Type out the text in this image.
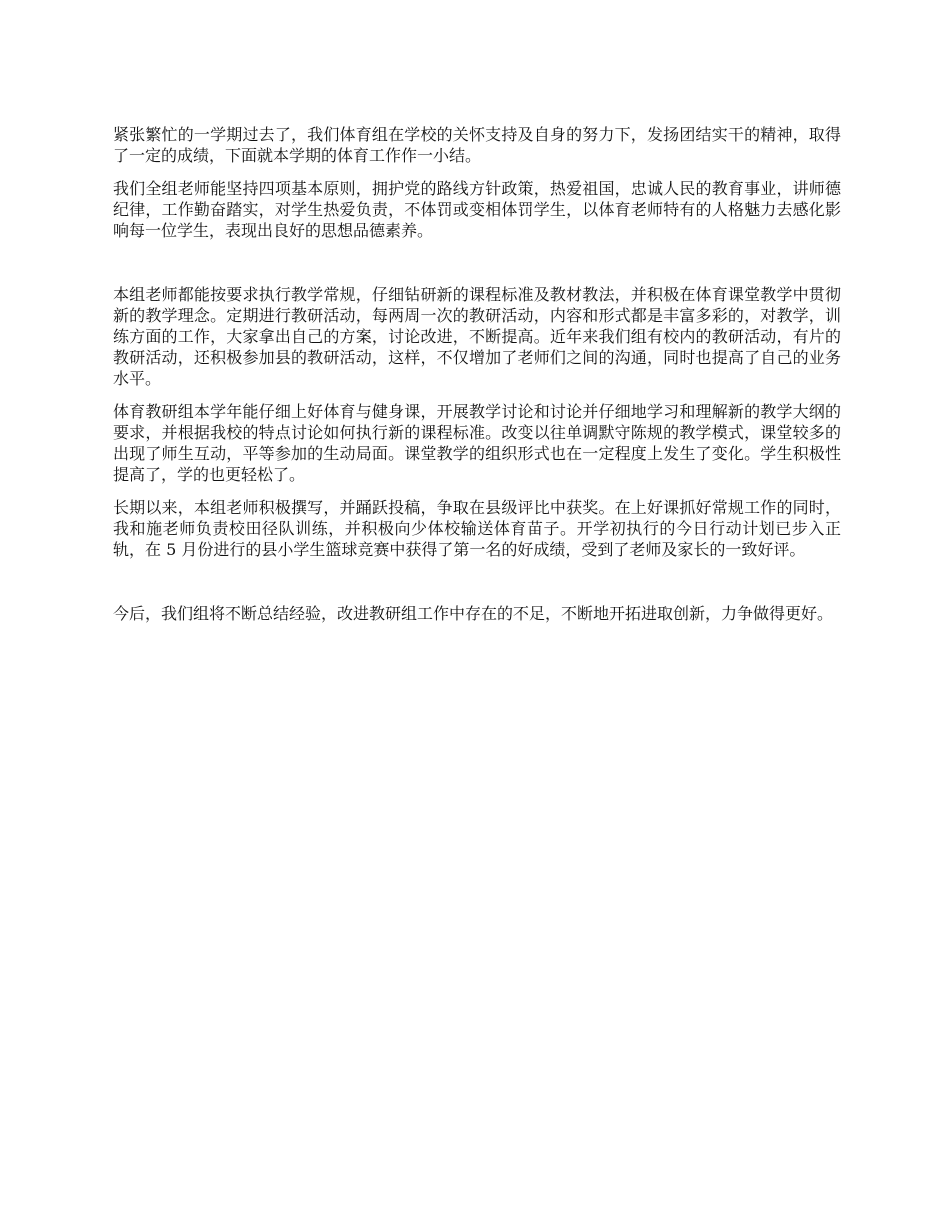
紧张繁忙的一学期过去了，我们体育组在学校的关怀支持及自身的努力下，发扬团结实干的精神，取得了一定的成绩，下面就本学期的体育工作作一小结。

我们全组老师能坚持四项基本原则，拥护党的路线方针政策，热爱祖国，忠诚人民的教育事业，讲师德纪律，工作勤奋踏实，对学生热爱负责，不体罚或变相体罚学生，以体育老师特有的人格魅力去感化影响每一位学生，表现出良好的思想品德素养。

本组老师都能按要求执行教学常规，仔细钻研新的课程标准及教材教法，并积极在体育课堂教学中贯彻新的教学理念。定期进行教研活动，每两周一次的教研活动，内容和形式都是丰富多彩的，对教学，训练方面的工作，大家拿出自己的方案，讨论改进，不断提高。近年来我们组有校内的教研活动，有片的教研活动，还积极参加县的教研活动，这样，不仅增加了老师们之间的沟通，同时也提高了自己的业务水平。

体育教研组本学年能仔细上好体育与健身课，开展教学讨论和讨论并仔细地学习和理解新的教学大纲的要求，并根据我校的特点讨论如何执行新的课程标准。改变以往单调默守陈规的教学模式，课堂较多的出现了师生互动，平等参加的生动局面。课堂教学的组织形式也在一定程度上发生了变化。学生积极性提高了，学的也更轻松了。

长期以来，本组老师积极撰写，并踊跃投稿，争取在县级评比中获奖。在上好课抓好常规工作的同时，我和施老师负责校田径队训练，并积极向少体校输送体育苗子。开学初执行的今日行动计划已步入正轨，在 5 月份进行的县小学生篮球竞赛中获得了第一名的好成绩，受到了老师及家长的一致好评。

今后，我们组将不断总结经验，改进教研组工作中存在的不足，不断地开拓进取创新，力争做得更好。
